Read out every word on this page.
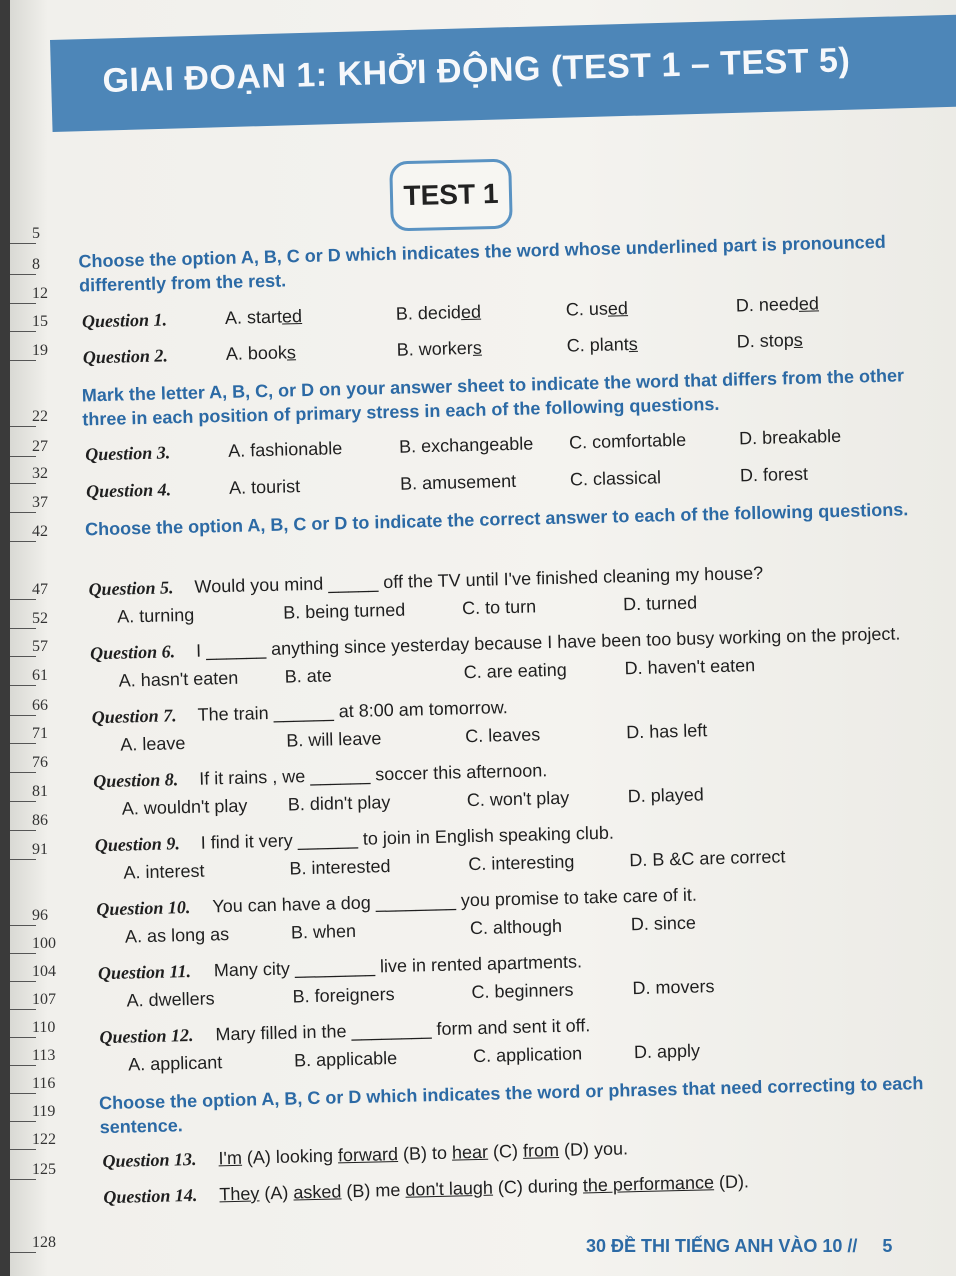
GIAI ĐOẠN 1: KHỞI ĐỘNG (TEST 1 – TEST 5)
TEST 1
5
8
12
15
19
22
27
32
37
42
47
52
57
61
66
71
76
81
86
91
96
100
104
107
110
113
116
119
122
125
128
Choose the option A, B, C or D which indicates the word whose underlined part is pronounced differently from the rest.
Question 1.	A. started	B. decided	C. used	D. needed
Question 2.	A. books	B. workers	C. plants	D. stops
Mark the letter A, B, C, or D on your answer sheet to indicate the word that differs from the other three in each position of primary stress in each of the following questions.
Question 3.	A. fashionable	B. exchangeable C. comfortable	D. breakable
Question 4.	A. tourist	B. amusement	C. classical	D. forest
Choose the option A, B, C or D to indicate the correct answer to each of the following questions.
Question 5. Would you mind _____ off the TV until I've finished cleaning my house?
A. turning	B. being turned	C. to turn	D. turned
Question 6. I ______ anything since yesterday because I have been too busy working on the project.
A. hasn't eaten	B. ate	C. are eating	D. haven't eaten
Question 7. The train ______ at 8:00 am tomorrow.
A. leave	B. will leave	C. leaves	D. has left
Question 8. If it rains , we ______ soccer this afternoon.
A. wouldn't play B. didn't play	C. won't play	D. played
Question 9. I find it very ______ to join in English speaking club.
A. interest	B. interested	C. interesting	D. B &C are correct
Question 10. You can have a dog ________ you promise to take care of it.
A. as long as	B. when	C. although	D. since
Question 11. Many city ________ live in rented apartments.
A. dwellers	B. foreigners	C. beginners	D. movers
Question 12. Mary filled in the ________ form and sent it off.
A. applicant	B. applicable	C. application	D. apply
Choose the option A, B, C or D which indicates the word or phrases that need correcting to each sentence.
Question 13. I'm (A) looking forward (B) to hear (C) from (D) you.
Question 14. They (A) asked (B) me don't laugh (C) during the performance (D).
30 ĐỀ THI TIẾNG ANH VÀO 10 // 5
